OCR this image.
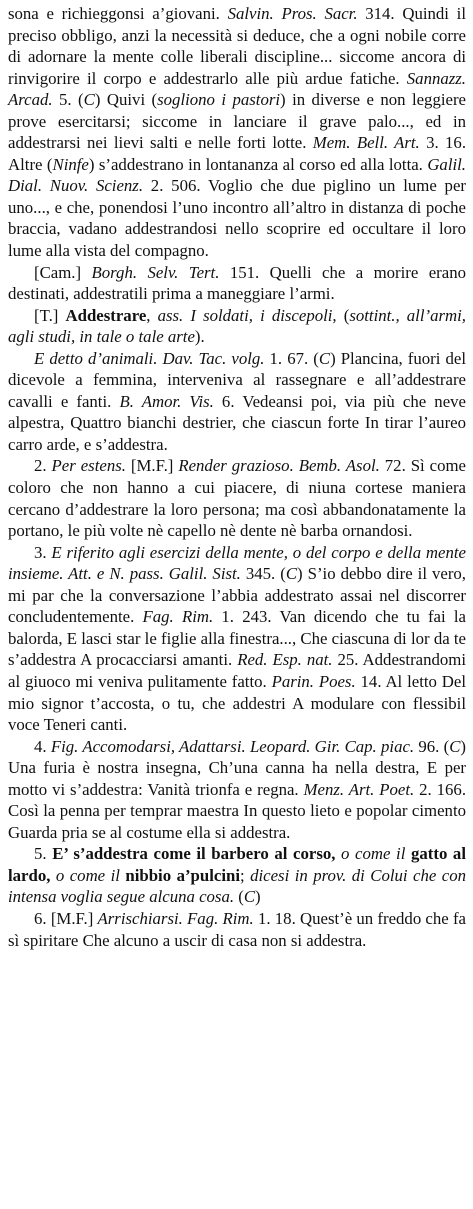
sona e richieggonsi a’giovani. Salvin. Pros. Sacr. 314. Quindi il preciso obbligo, anzi la necessità si deduce, che a ogni nobile corre di adornare la mente colle liberali discipline... siccome ancora di rinvigorire il corpo e addestrarlo alle più ardue fatiche. Sannazz. Arcad. 5. (C) Quivi (sogliono i pastori) in diverse e non leggiere prove esercitarsi; siccome in lanciare il grave palo..., ed in addestrarsi nei lievi salti e nelle forti lotte. Mem. Bell. Art. 3. 16. Altre (Ninfe) s’addestrano in lontananza al corso ed alla lotta. Galil. Dial. Nuov. Scienz. 2. 506. Voglio che due piglino un lume per uno..., e che, ponendosi l’uno incontro all’altro in distanza di poche braccia, vadano addestrandosi nello scoprire ed occultare il loro lume alla vista del compagno.

[Cam.] Borgh. Selv. Tert. 151. Quelli che a morire erano destinati, addestratili prima a maneggiare l’armi.

[T.] Addestrare, ass. I soldati, i discepoli, (sottint., all’armi, agli studi, in tale o tale arte).

E detto d’animali. Dav. Tac. volg. 1. 67. (C) Plancina, fuori del dicevole a femmina, interveniva al rassegnare e all’addestrare cavalli e fanti. B. Amor. Vis. 6. Vedeansi poi, via più che neve alpestra, Quattro bianchi destrier, che ciascun forte In tirar l’aureo carro arde, e s’addestra.

2. Per estens. [M.F.] Render grazioso. Bemb. Asol. 72. Sì come coloro che non hanno a cui piacere, di niuna cortese maniera cercano d’addestrare la loro persona; ma così abbandonatamente la portano, le più volte nè capello nè dente nè barba ornandosi.

3. E riferito agli esercizi della mente, o del corpo e della mente insieme. Att. e N. pass. Galil. Sist. 345. (C) S’io debbo dire il vero, mi par che la conversazione l’abbia addestrato assai nel discorrer concludentemente. Fag. Rim. 1. 243. Van dicendo che tu fai la balorda, E lasci star le figlie alla finestra..., Che ciascuna di lor da te s’addestra A procacciarsi amanti. Red. Esp. nat. 25. Addestrandomi al giuoco mi veniva pulitamente fatto. Parin. Poes. 14. Al letto Del mio signor t’accosta, o tu, che addestri A modulare con flessibil voce Teneri canti.

4. Fig. Accomodarsi, Adattarsi. Leopard. Gir. Cap. piac. 96. (C) Una furia è nostra insegna, Ch’una canna ha nella destra, E per motto vi s’addestra: Vanità trionfa e regna. Menz. Art. Poet. 2. 166. Così la penna per temprar maestra In questo lieto e popolar cimento Guarda pria se al costume ella si addestra.

5. E’ s’addestra come il barbero al corso, o come il gatto al lardo, o come il nibbio a’pulcini; dicesi in prov. di Colui che con intensa voglia segue alcuna cosa. (C)

6. [M.F.] Arrischiarsi. Fag. Rim. 1. 18. Quest’è un freddo che fa sì spiritare Che alcuno a uscir di casa non si addestra.
